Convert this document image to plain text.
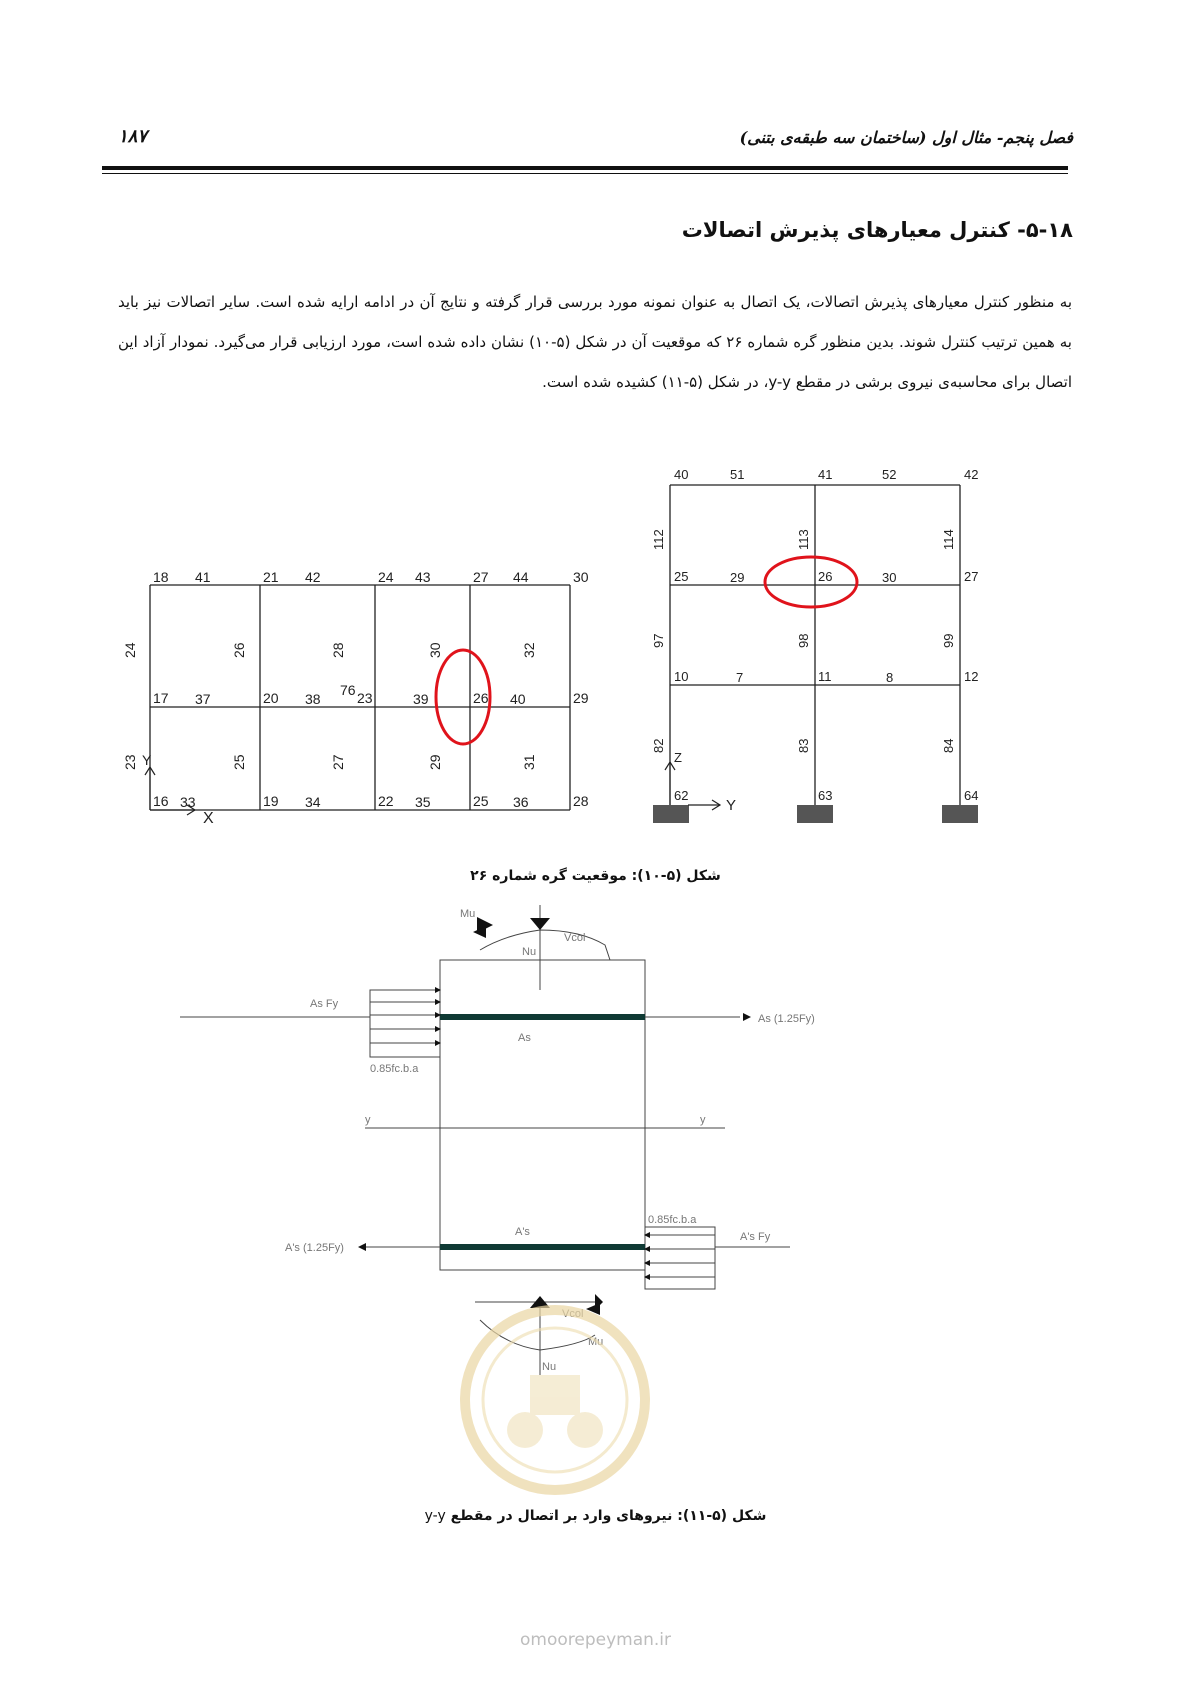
فصل پنجم- مثال اول (ساختمان سه طبقه‌ی بتنی)
۱۸۷
۵-۱۸- کنترل معیارهای پذیرش اتصالات

به منظور کنترل معیارهای پذیرش اتصالات، یک اتصال به عنوان نمونه مورد بررسی قرار گرفته و نتایج آن در ادامه ارایه شده است. سایر اتصالات نیز باید به همین ترتیب کنترل شوند. بدین منظور گره شماره ۲۶ که موقعیت آن در شکل (۵-۱۰) نشان داده شده است، مورد ارزیابی قرار می‌گیرد. نمودار آزاد این اتصال برای محاسبه‌ی نیروی برشی در مقطع y-y، در شکل (۵-۱۱) کشیده شده است.

18 41	21 42	24 43	27 44	30
24	26	28	30	32
76
17 37	20 38	23	39	26 40	29
23	25	27	29	31
16 33	19 34	22 35	25 36	28
Y
X
40	51	41	52	42
112	113	114
25	29	26	30	27
97	98	99
10	7	11	8	12
82	83	84
62	63	64
Z
Y
شکل (۵-۱۰): موقعیت گره شماره ۲۶
Nu
Mu
Vcol
As Fy
As (1.25Fy)
As
0.85fc.b.a
y	y
0.85fc.b.a
A's
A's (1.25Fy)
A's Fy
Vcol
Mu
Nu
شکل (۵-۱۱): نیروهای وارد بر اتصال در مقطع y-y
omoorepeyman.ir
